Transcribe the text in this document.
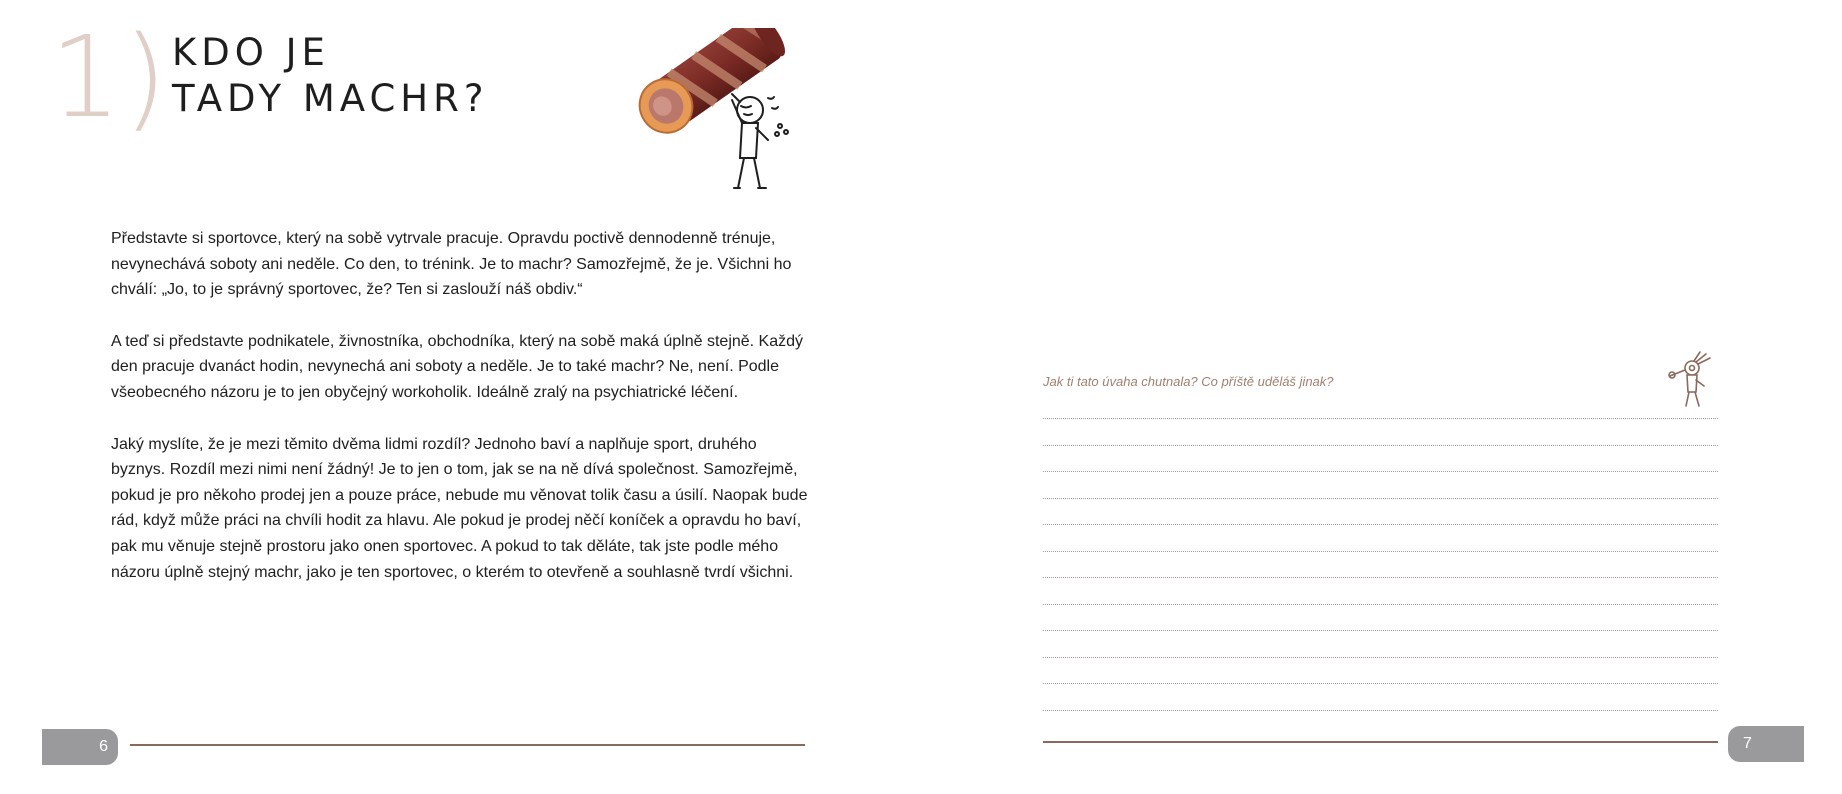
1) KDO JE
TADY MACHR?

Představte si sportovce, který na sobě vytrvale pracuje. Opravdu poctivě dennodenně trénuje, nevynechává soboty ani neděle. Co den, to trénink. Je to machr? Samozřejmě, že je. Všichni ho chválí: „Jo, to je správný sportovec, že? Ten si zaslouží náš obdiv.“

A teď si představte podnikatele, živnostníka, obchodníka, který na sobě maká úplně stejně. Každý den pracuje dvanáct hodin, nevynechá ani soboty a neděle. Je to také machr? Ne, není. Podle všeobecného názoru je to jen obyčejný workoholik. Ideálně zralý na psychiatrické léčení.

Jaký myslíte, že je mezi těmito dvěma lidmi rozdíl? Jednoho baví a naplňuje sport, druhého byznys. Rozdíl mezi nimi není žádný! Je to jen o tom, jak se na ně dívá společnost. Samozřejmě, pokud je pro někoho prodej jen a pouze práce, nebude mu věnovat tolik času a úsilí. Naopak bude rád, když může práci na chvíli hodit za hlavu. Ale pokud je prodej něčí koníček a opravdu ho baví, pak mu věnuje stejně prostoru jako onen sportovec. A pokud to tak děláte, tak jste podle mého názoru úplně stejný machr, jako je ten sportovec, o kterém to otevřeně a souhlasně tvrdí všichni.

6
Jak ti tato úvaha chutnala? Co příště uděláš jinak?
7
